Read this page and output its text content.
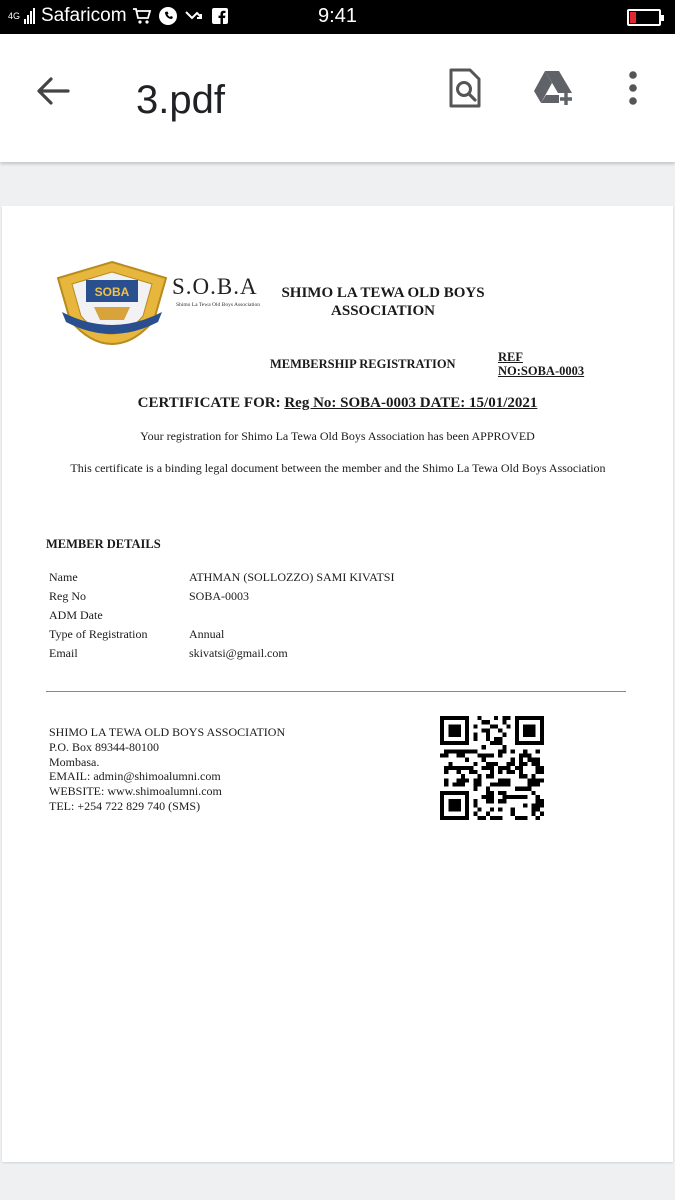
4G Safaricom	9:41
3.pdf
SOBA S.O.B.A
Shimo La Tewa Old Boys Association
SHIMO LA TEWA OLD BOYS ASSOCIATION
MEMBERSHIP REGISTRATION	REF
NO:SOBA-0003
CERTIFICATE FOR: Reg No: SOBA-0003 DATE: 15/01/2021
Your registration for Shimo La Tewa Old Boys Association has been APPROVED
This certificate is a binding legal document between the member and the Shimo La Tewa Old Boys Association
MEMBER DETAILS
Name	ATHMAN (SOLLOZZO) SAMI KIVATSI
Reg No	SOBA-0003
ADM Date
Type of Registration	Annual
Email	skivatsi@gmail.com
SHIMO LA TEWA OLD BOYS ASSOCIATION
P.O. Box 89344-80100
Mombasa.
EMAIL: admin@shimoalumni.com
WEBSITE: www.shimoalumni.com
TEL: +254 722 829 740 (SMS)
